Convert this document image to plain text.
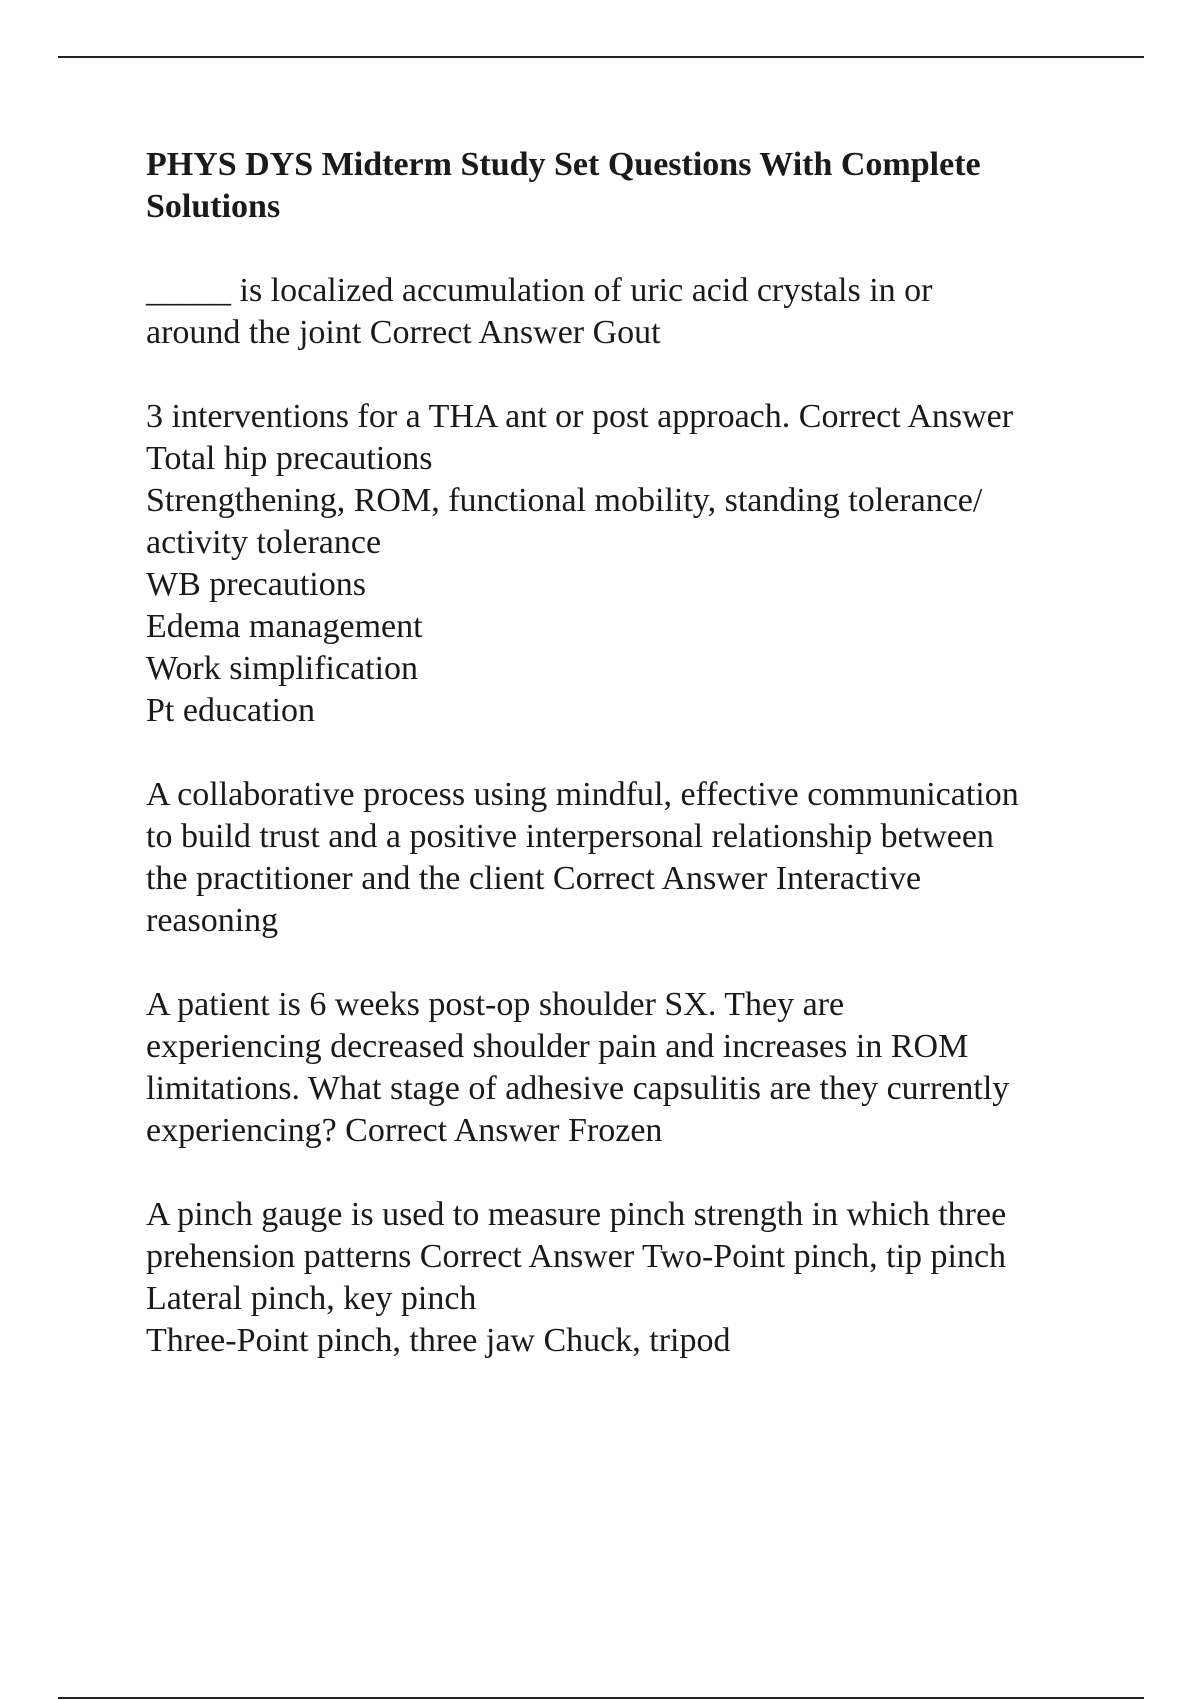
PHYS DYS Midterm Study Set Questions With Complete
Solutions
_____ is localized accumulation of uric acid crystals in or
around the joint Correct Answer Gout
3 interventions for a THA ant or post approach. Correct Answer
Total hip precautions
Strengthening, ROM, functional mobility, standing tolerance/
activity tolerance
WB precautions
Edema management
Work simplification
Pt education
A collaborative process using mindful, effective communication
to build trust and a positive interpersonal relationship between
the practitioner and the client Correct Answer Interactive
reasoning
A patient is 6 weeks post-op shoulder SX. They are
experiencing decreased shoulder pain and increases in ROM
limitations. What stage of adhesive capsulitis are they currently
experiencing? Correct Answer Frozen
A pinch gauge is used to measure pinch strength in which three
prehension patterns Correct Answer Two-Point pinch, tip pinch
Lateral pinch, key pinch
Three-Point pinch, three jaw Chuck, tripod
